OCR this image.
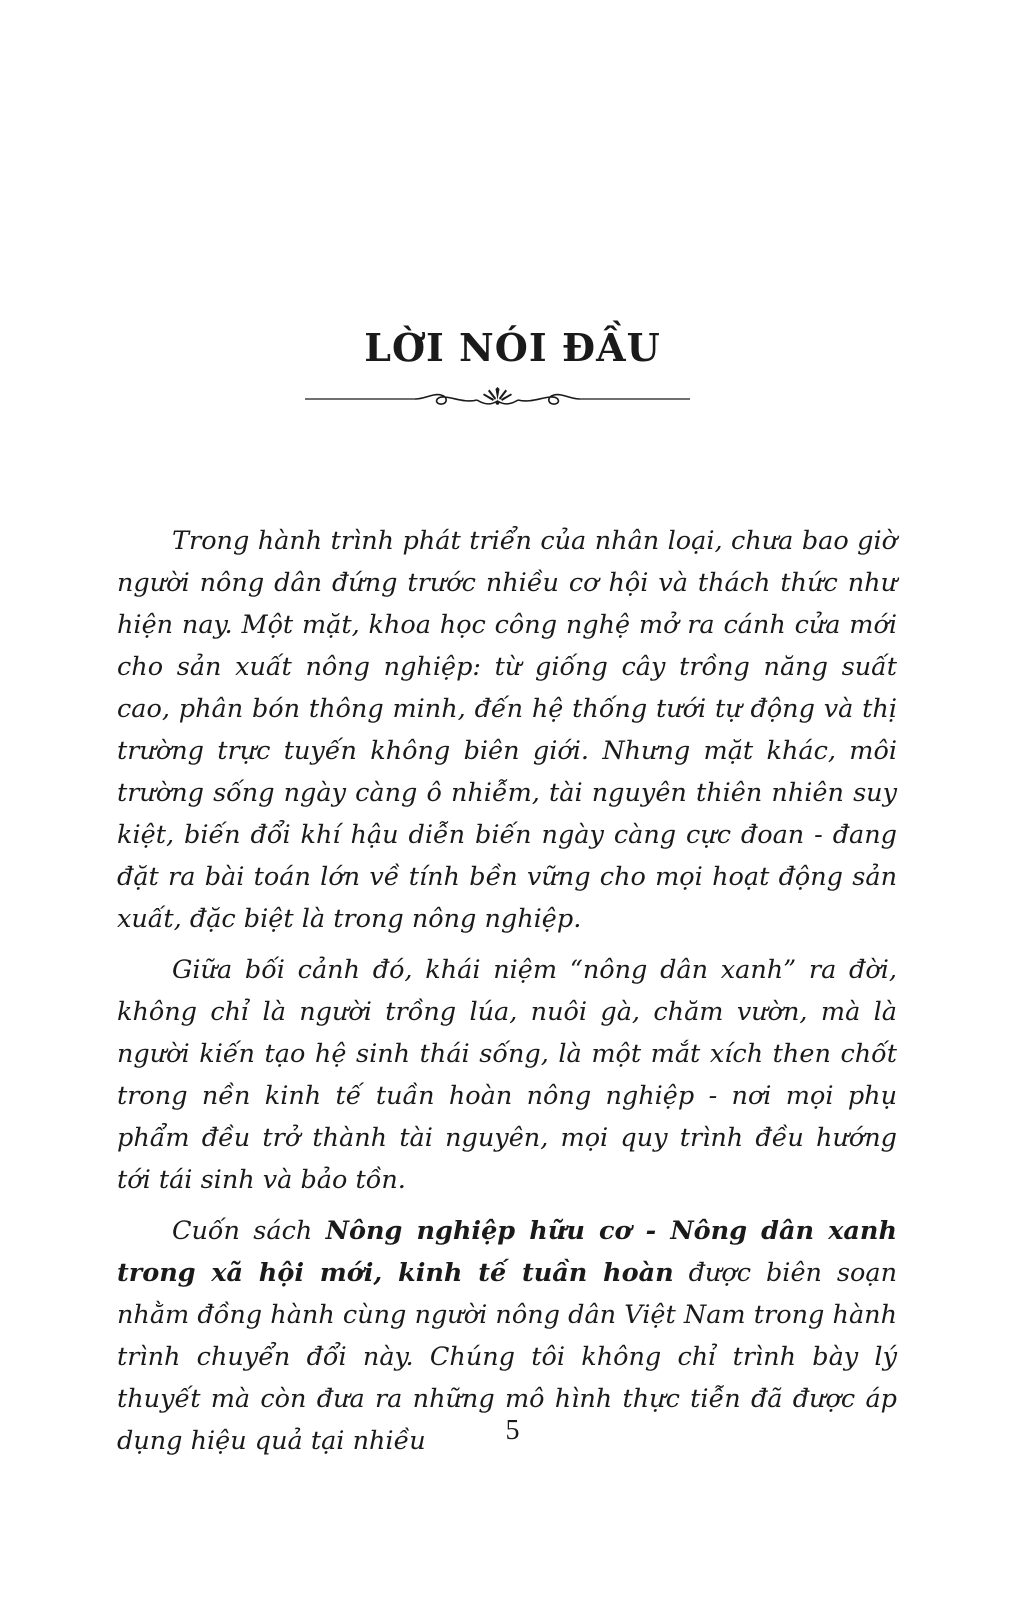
LỜI NÓI ĐẦU

Trong hành trình phát triển của nhân loại, chưa bao giờ người nông dân đứng trước nhiều cơ hội và thách thức như hiện nay. Một mặt, khoa học công nghệ mở ra cánh cửa mới cho sản xuất nông nghiệp: từ giống cây trồng năng suất cao, phân bón thông minh, đến hệ thống tưới tự động và thị trường trực tuyến không biên giới. Nhưng mặt khác, môi trường sống ngày càng ô nhiễm, tài nguyên thiên nhiên suy kiệt, biến đổi khí hậu diễn biến ngày càng cực đoan - đang đặt ra bài toán lớn về tính bền vững cho mọi hoạt động sản xuất, đặc biệt là trong nông nghiệp.

Giữa bối cảnh đó, khái niệm “nông dân xanh” ra đời, không chỉ là người trồng lúa, nuôi gà, chăm vườn, mà là người kiến tạo hệ sinh thái sống, là một mắt xích then chốt trong nền kinh tế tuần hoàn nông nghiệp - nơi mọi phụ phẩm đều trở thành tài nguyên, mọi quy trình đều hướng tới tái sinh và bảo tồn.

Cuốn sách Nông nghiệp hữu cơ - Nông dân xanh trong xã hội mới, kinh tế tuần hoàn được biên soạn nhằm đồng hành cùng người nông dân Việt Nam trong hành trình chuyển đổi này. Chúng tôi không chỉ trình bày lý thuyết mà còn đưa ra những mô hình thực tiễn đã được áp dụng hiệu quả tại nhiều	5
